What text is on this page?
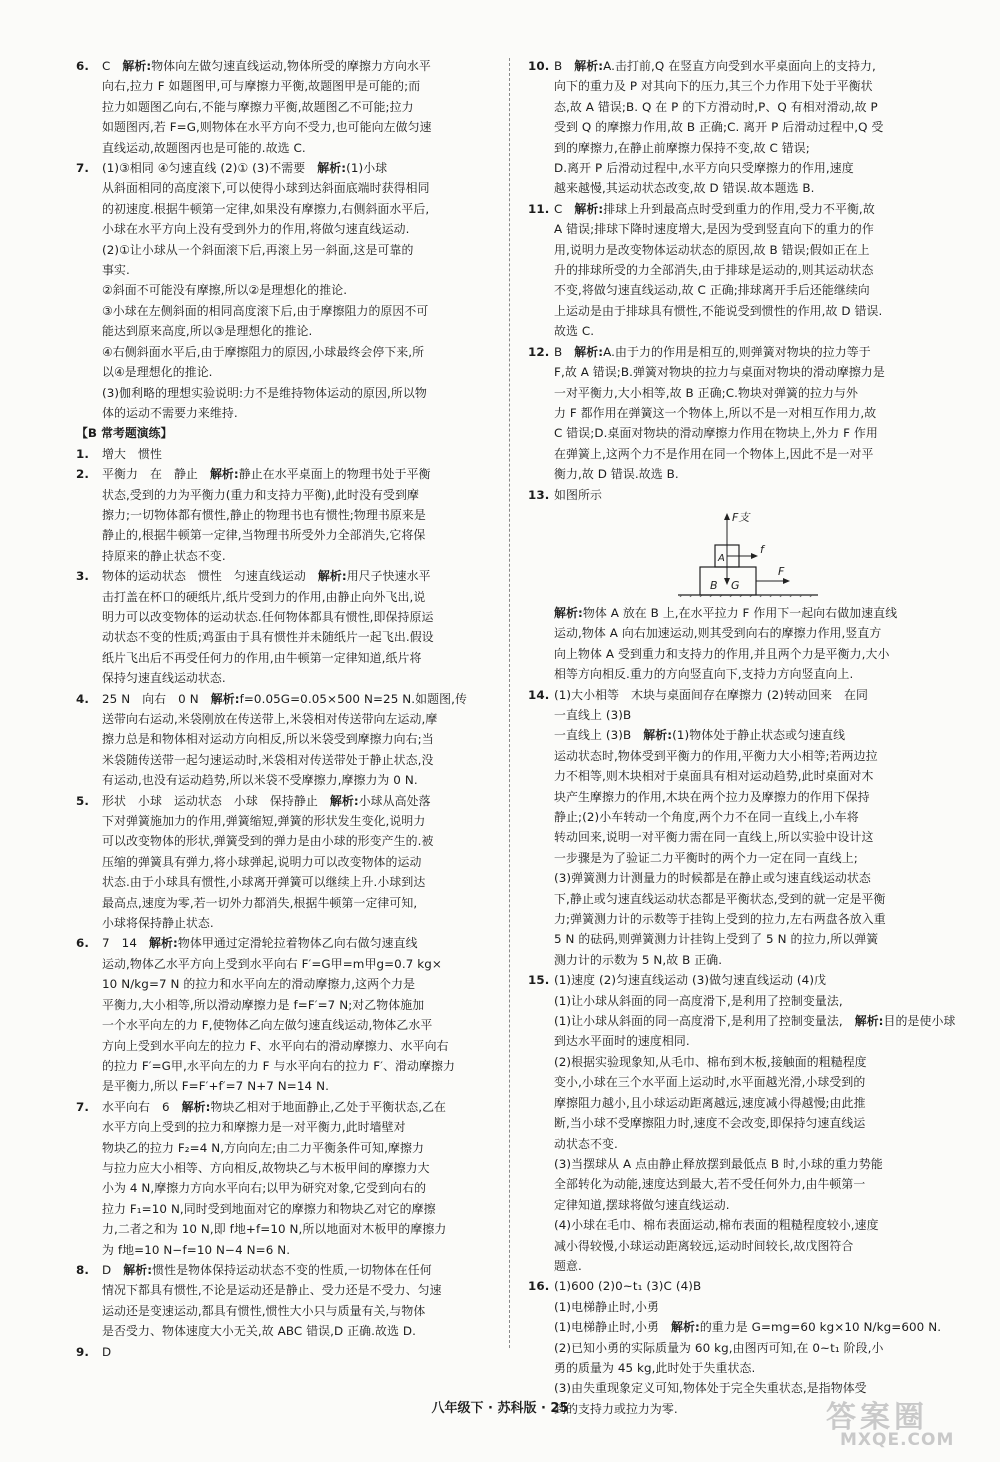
6. C　 解析:物体向左做匀速直线运动,物体所受的摩擦力方向水平

向右,拉力 F 如题图甲,可与摩擦力平衡,故题图甲是可能的;而

拉力如题图乙向右,不能与摩擦力平衡,故题图乙不可能;拉力

如题图丙,若 F=G,则物体在水平方向不受力,也可能向左做匀速

直线运动,故题图丙也是可能的.故选 C.

7. (1)③相同 ④匀速直线 (2)① (3)不需要　 解析:(1)小球

从斜面相同的高度滚下,可以使得小球到达斜面底端时获得相同

的初速度.根据牛顿第一定律,如果没有摩擦力,右侧斜面水平后,

小球在水平方向上没有受到外力的作用,将做匀速直线运动.

(2)①让小球从一个斜面滚下后,再滚上另一斜面,这是可靠的

事实.

②斜面不可能没有摩擦,所以②是理想化的推论.

③小球在左侧斜面的相同高度滚下后,由于摩擦阻力的原因不可

能达到原来高度,所以③是理想化的推论.

④右侧斜面水平后,由于摩擦阻力的原因,小球最终会停下来,所

以④是理想化的推论.

(3)伽利略的理想实验说明:力不是维持物体运动的原因,所以物

体的运动不需要力来维持.

【B 常考题演练】
1. 增大　惯性

2. 平衡力　在　静止　 解析:静止在水平桌面上的物理书处于平衡

状态,受到的力为平衡力(重力和支持力平衡),此时没有受到摩

擦力;一切物体都有惯性,静止的物理书也有惯性;物理书原来是

静止的,根据牛顿第一定律,当物理书所受外力全部消失,它将保

持原来的静止状态不变.

3. 物体的运动状态　惯性　匀速直线运动　 解析:用尺子快速水平

击打盖在杯口的硬纸片,纸片受到力的作用,由静止向外飞出,说

明力可以改变物体的运动状态.任何物体都具有惯性,即保持原运

动状态不变的性质;鸡蛋由于具有惯性并未随纸片一起飞出.假设

纸片飞出后不再受任何力的作用,由牛顿第一定律知道,纸片将

保持匀速直线运动状态.

4. 25 N　向右　0 N　 解析:f=0.05G=0.05×500 N=25 N.如题图,传

送带向右运动,米袋刚放在传送带上,米袋相对传送带向左运动,摩

擦力总是和物体相对运动方向相反,所以米袋受到摩擦力向右;当

米袋随传送带一起匀速运动时,米袋相对传送带处于静止状态,没

有运动,也没有运动趋势,所以米袋不受摩擦力,摩擦力为 0 N.

5. 形状　小球　运动状态　小球　保持静止　 解析:小球从高处落

下对弹簧施加力的作用,弹簧缩短,弹簧的形状发生变化,说明力

可以改变物体的形状,弹簧受到的弹力是由小球的形变产生的.被

压缩的弹簧具有弹力,将小球弹起,说明力可以改变物体的运动

状态.由于小球具有惯性,小球离开弹簧可以继续上升.小球到达

最高点,速度为零,若一切外力都消失,根据牛顿第一定律可知,

小球将保持静止状态.

6. 7　14　 解析:物体甲通过定滑轮拉着物体乙向右做匀速直线

运动,物体乙水平方向上受到水平向右 F′=G甲=m甲g=0.7 kg×

10 N/kg=7 N 的拉力和水平向左的滑动摩擦力,这两个力是

平衡力,大小相等,所以滑动摩擦力是 f=F′=7 N;对乙物体施加

一个水平向左的力 F,使物体乙向左做匀速直线运动,物体乙水平

方向上受到水平向左的拉力 F、水平向右的滑动摩擦力、水平向右

的拉力 F′=G甲,水平向左的力 F 与水平向右的拉力 F′、滑动摩擦力

是平衡力,所以 F=F′+f′=7 N+7 N=14 N.

7. 水平向右　6　 解析:物块乙相对于地面静止,乙处于平衡状态,乙在

水平方向上受到的拉力和摩擦力是一对平衡力,此时墙壁对

物块乙的拉力 F₂=4 N,方向向左;由二力平衡条件可知,摩擦力

与拉力应大小相等、方向相反,故物块乙与木板甲间的摩擦力大

小为 4 N,摩擦力方向水平向右;以甲为研究对象,它受到向右的

拉力 F₁=10 N,同时受到地面对它的摩擦力和物块乙对它的摩擦

力,二者之和为 10 N,即 f地+f=10 N,所以地面对木板甲的摩擦力

为 f地=10 N−f=10 N−4 N=6 N.

8. D　 解析:惯性是物体保持运动状态不变的性质,一切物体在任何

情况下都具有惯性,不论是运动还是静止、受力还是不受力、匀速

运动还是变速运动,都具有惯性,惯性大小只与质量有关,与物体

是否受力、物体速度大小无关,故 ABC 错误,D 正确.故选 D.

9. D

10. B　 解析:A.击打前,Q 在竖直方向受到水平桌面向上的支持力,

向下的重力及 P 对其向下的压力,其三个力作用下处于平衡状

态,故 A 错误;B. Q 在 P 的下方滑动时,P、Q 有相对滑动,故 P

受到 Q 的摩擦力作用,故 B 正确;C. 离开 P 后滑动过程中,Q 受

到的摩擦力,在静止前摩擦力保持不变,故 C 错误;

D.离开 P 后滑动过程中,水平方向只受摩擦力的作用,速度

越来越慢,其运动状态改变,故 D 错误.故本题选 B.

11. C　 解析:排球上升到最高点时受到重力的作用,受力不平衡,故

A 错误;排球下降时速度增大,是因为受到竖直向下的重力的作

用,说明力是改变物体运动状态的原因,故 B 错误;假如正在上

升的排球所受的力全部消失,由于排球是运动的,则其运动状态

不变,将做匀速直线运动,故 C 正确;排球离开手后还能继续向

上运动是由于排球具有惯性,不能说受到惯性的作用,故 D 错误.

故选 C.

12. B　 解析:A.由于力的作用是相互的,则弹簧对物块的拉力等于

F,故 A 错误;B.弹簧对物块的拉力与桌面对物块的滑动摩擦力是

一对平衡力,大小相等,故 B 正确;C.物块对弹簧的拉力与外

力 F 都作用在弹簧这一个物体上,所以不是一对相互作用力,故

C 错误;D.桌面对物块的滑动摩擦力作用在物块上,外力 F 作用

在弹簧上,这两个力不是作用在同一个物体上,因此不是一对平

衡力,故 D 错误.故选 B.

13. 如图所示

F支
f
F
A
B G

解析:物体 A 放在 B 上,在水平拉力 F 作用下一起向右做加速直线

运动,物体 A 向右加速运动,则其受到向右的摩擦力作用,竖直方

向上物体 A 受到重力和支持力的作用,并且两个力是平衡力,大小

相等方向相反.重力的方向竖直向下,支持力方向竖直向上.

14. (1)大小相等　木块与桌面间存在摩擦力 (2)转动回来　在同

一直线上 (3)B

一直线上 (3)B　 解析:(1)物体处于静止状态或匀速直线

运动状态时,物体受到平衡力的作用,平衡力大小相等;若两边拉

力不相等,则木块相对于桌面具有相对运动趋势,此时桌面对木

块产生摩擦力的作用,木块在两个拉力及摩擦力的作用下保持

静止;(2)小车转动一个角度,两个力不在同一直线上,小车将

转动回来,说明一对平衡力需在同一直线上,所以实验中设计这

一步骤是为了验证二力平衡时的两个力一定在同一直线上;

(3)弹簧测力计测量力的时候都是在静止或匀速直线运动状态

下,静止或匀速直线运动状态都是平衡状态,受到的就一定是平衡

力;弹簧测力计的示数等于挂钩上受到的拉力,左右两盘各放入重

5 N 的砝码,则弹簧测力计挂钩上受到了 5 N 的拉力,所以弹簧

测力计的示数为 5 N,故 B 正确.

15. (1)速度 (2)匀速直线运动 (3)做匀速直线运动 (4)戊

(1)让小球从斜面的同一高度滑下,是利用了控制变量法,

(1)让小球从斜面的同一高度滑下,是利用了控制变量法,　 解析:目的是使小球到达水平面时的速度相同.

(2)根据实验现象知,从毛巾、棉布到木板,接触面的粗糙程度

变小,小球在三个水平面上运动时,水平面越光滑,小球受到的

摩擦阻力越小,且小球运动距离越远,速度减小得越慢;由此推

断,当小球不受摩擦阻力时,速度不会改变,即保持匀速直线运

动状态不变.

(3)当摆球从 A 点由静止释放摆到最低点 B 时,小球的重力势能

全部转化为动能,速度达到最大,若不受任何外力,由牛顿第一

定律知道,摆球将做匀速直线运动.

(4)小球在毛巾、棉布表面运动,棉布表面的粗糙程度较小,速度

减小得较慢,小球运动距离较远,运动时间较长,故戊图符合

题意.

16. (1)600 (2)0~t₁ (3)C (4)B

(1)电梯静止时,小勇

(1)电梯静止时,小勇　 解析:的重力是 G=mg=60 kg×10 N/kg=600 N.

(2)已知小勇的实际质量为 60 kg,由图丙可知,在 0~t₁ 阶段,小

勇的质量为 45 kg,此时处于失重状态.

(3)由失重现象定义可知,物体处于完全失重状态,是指物体受

到的支持力或拉力为零.

八年级下 · 苏科版 · 25	答案圈
MXQE.COM
